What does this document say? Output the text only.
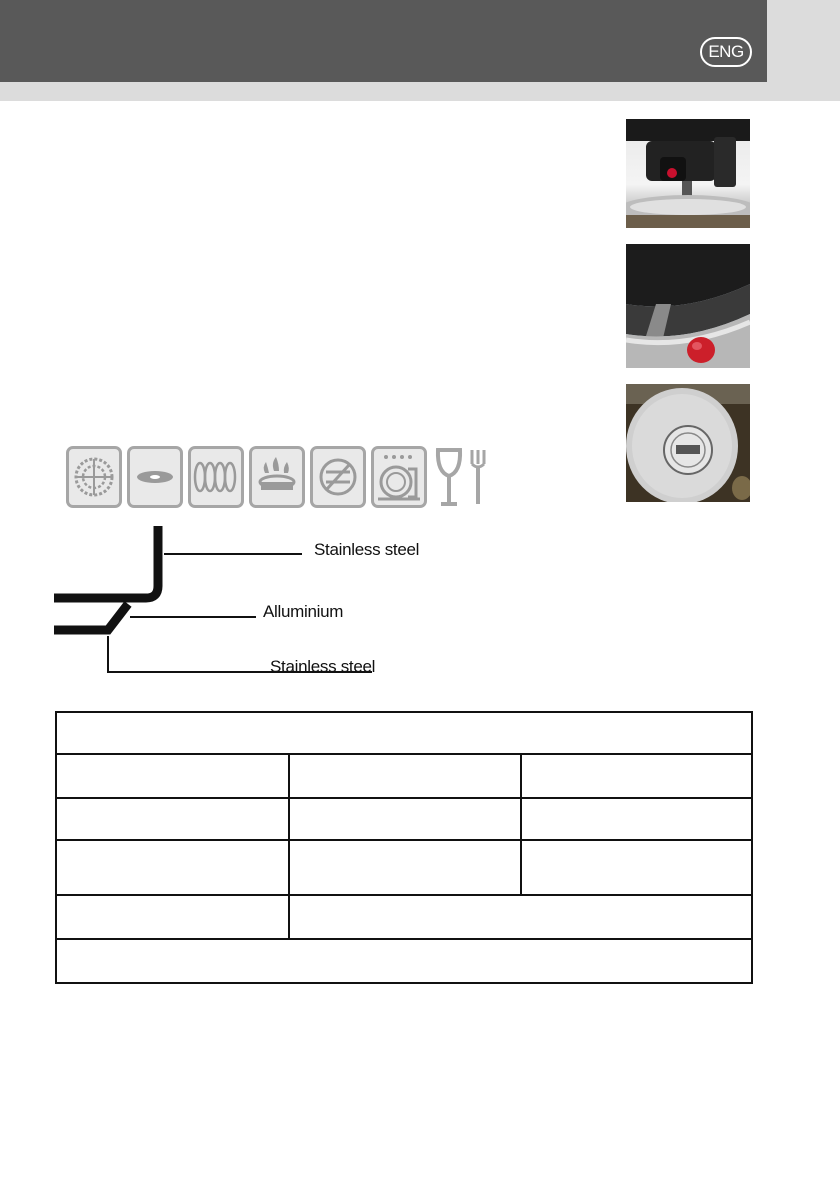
ENG
Stainless steel
Alluminium
Stainless steel
